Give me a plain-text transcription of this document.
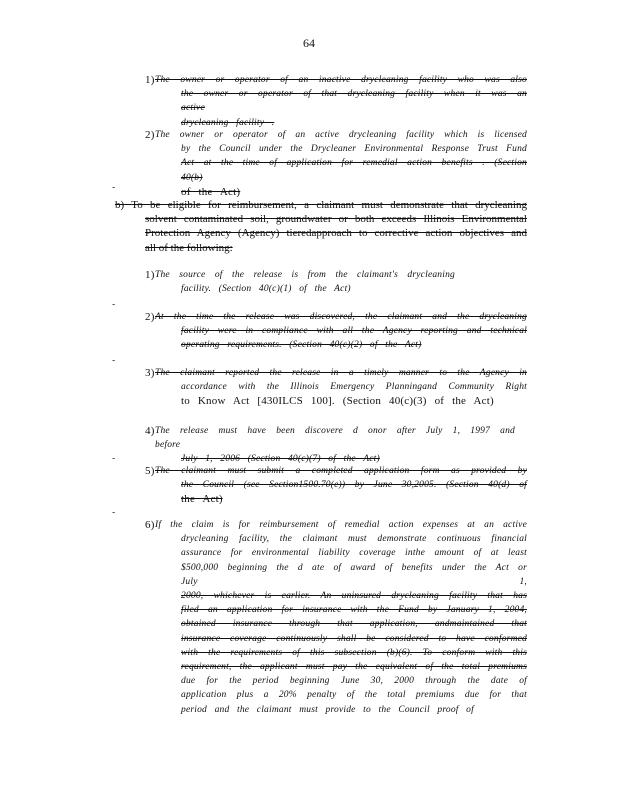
64
1) The owner or operator of an inactive drycleaning facility who was also
the owner or operator of that drycleaning facility when it was an active
drycleaning facility .
2) The owner or operator of an active drycleaning facility which is licensed
by the Council under the Drycleaner Environmental Response Trust Fund
Act at the time of application for remedial action benefits . (Section 40(b)
of the Act)
-
b) To be eligible for reimbursement, a claimant must demonstrate that drycleaning
solvent contaminated soil, groundwater or both exceeds Illinois Environmental
Protection Agency (Agency) tieredapproach to corrective action objectives and
all of the following:
1) The source of the release is from the claimant's drycleaning
facility. (Section 40(c)(1) of the Act)
-
2) At the time the release was discovered, the claimant and the drycleaning
facility were in compliance with all the Agency reporting and technical
operating requirements. (Section 40(c)(2) of the Act)
-
3) The claimant reported the release in a timely manner to the Agency in
accordance with the Illinois Emergency Planningand Community Right
to Know Act [430ILCS 100]. (Section 40(c)(3) of the Act)
4) The release must have been discovere d onor after July 1, 1997 and before
July 1, 2006 (Section 40(c)(7) of the Act)
-
5) The claimant must submit a completed application form as provided by
the Council (see Section1500.70(e)) by June 30,2005. (Section 40(d) of
the Act)
-
6) If the claim is for reimbursement of remedial action expenses at an active
drycleaning facility, the claimant must demonstrate continuous financial
assurance for environmental liability coverage inthe amount of at least
$500,000 beginning the d ate of award of benefits under the Act or July 1,
2000, whichever is earlier. An uninsured drycleaning facility that has
filed an application for insurance with the Fund by January 1, 2004,
obtained insurance through that application, andmaintained that
insurance coverage continuously shall be considered to have conformed
with the requirements of this subsection (b)(6). To conform with this
requirement, the applicant must pay the equivalent of the total premiums
due for the period beginning June 30, 2000 through the date of
application plus a 20% penalty of the total premiums due for that
period and the claimant must provide to the Council proof of
